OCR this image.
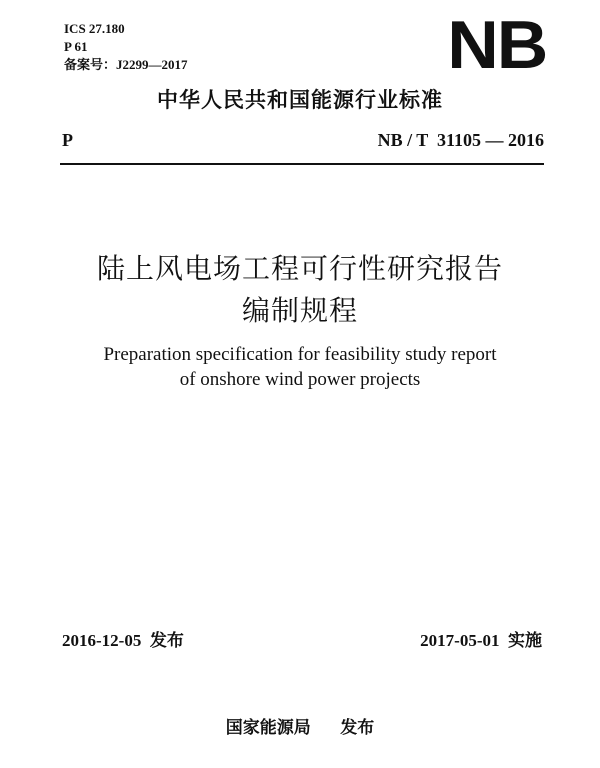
ICS 27.180
P 61
备案号：J2299—2017	NB
中华人民共和国能源行业标准
P	NB / T  31105 — 2016
陆上风电场工程可行性研究报告
编制规程
Preparation specification for feasibility study report
of onshore wind power projects
2016-12-05 发布	2017-05-01 实施
国家能源局 发布
